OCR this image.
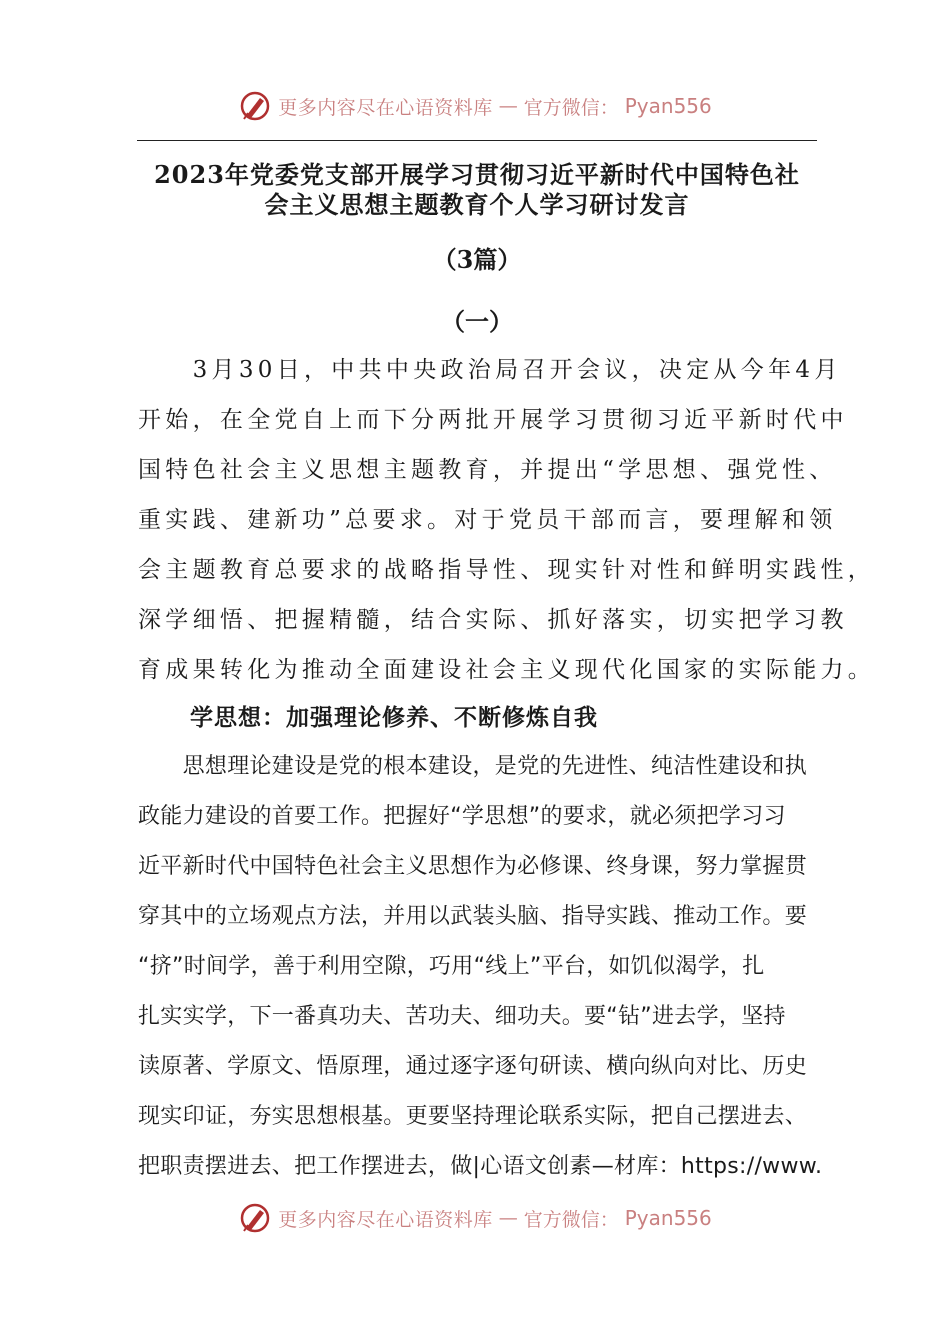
更多内容尽在心语资料库 — 官方微信： Pyan556
2023年党委党支部开展学习贯彻习近平新时代中国特色社
会主义思想主题教育个人学习研讨发言
（3篇）
（一）
　　3月30日，中共中央政治局召开会议，决定从今年4月
开始，在全党自上而下分两批开展学习贯彻习近平新时代中
国特色社会主义思想主题教育，并提出“学思想、强党性、
重实践、建新功”总要求。对于党员干部而言，要理解和领
会主题教育总要求的战略指导性、现实针对性和鲜明实践性，
深学细悟、把握精髓，结合实际、抓好落实，切实把学习教
育成果转化为推动全面建设社会主义现代化国家的实际能力。
学思想：加强理论修养、不断修炼自我
　　思想理论建设是党的根本建设，是党的先进性、纯洁性建设和执
政能力建设的首要工作。把握好“学思想”的要求，就必须把学习习
近平新时代中国特色社会主义思想作为必修课、终身课，努力掌握贯
穿其中的立场观点方法，并用以武装头脑、指导实践、推动工作。要
“挤”时间学，善于利用空隙，巧用“线上”平台，如饥似渴学，扎
扎实实学，下一番真功夫、苦功夫、细功夫。要“钻”进去学，坚持
读原著、学原文、悟原理，通过逐字逐句研读、横向纵向对比、历史
现实印证，夯实思想根基。更要坚持理论联系实际，把自己摆进去、
把职责摆进去、把工作摆进去，做|心语文创素—材库：https://www.
更多内容尽在心语资料库 — 官方微信： Pyan556
